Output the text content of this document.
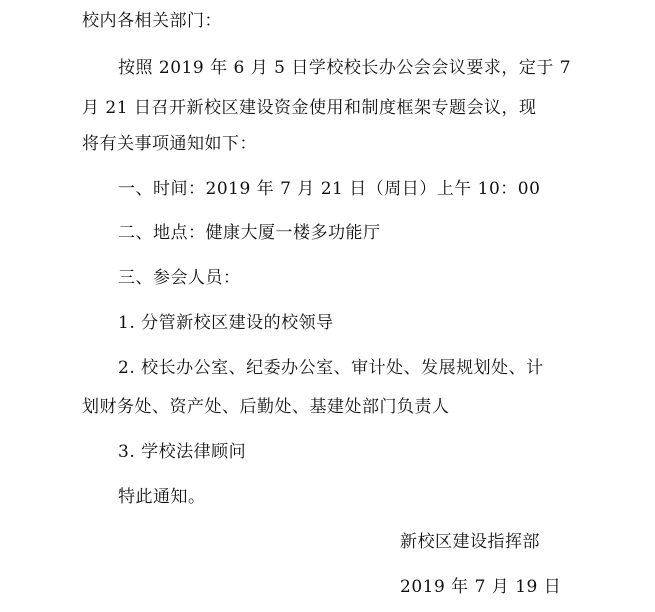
校内各相关部门：
按照 2019 年 6 月 5 日学校校长办公会会议要求，定于 7
月 21 日召开新校区建设资金使用和制度框架专题会议，现
将有关事项通知如下：
一、时间：2019 年 7 月 21 日（周日）上午 10：00
二、地点：健康大厦一楼多功能厅
三、参会人员：
1. 分管新校区建设的校领导
2. 校长办公室、纪委办公室、审计处、发展规划处、计
划财务处、资产处、后勤处、基建处部门负责人
3. 学校法律顾问
特此通知。
新校区建设指挥部
2019 年 7 月 19 日
